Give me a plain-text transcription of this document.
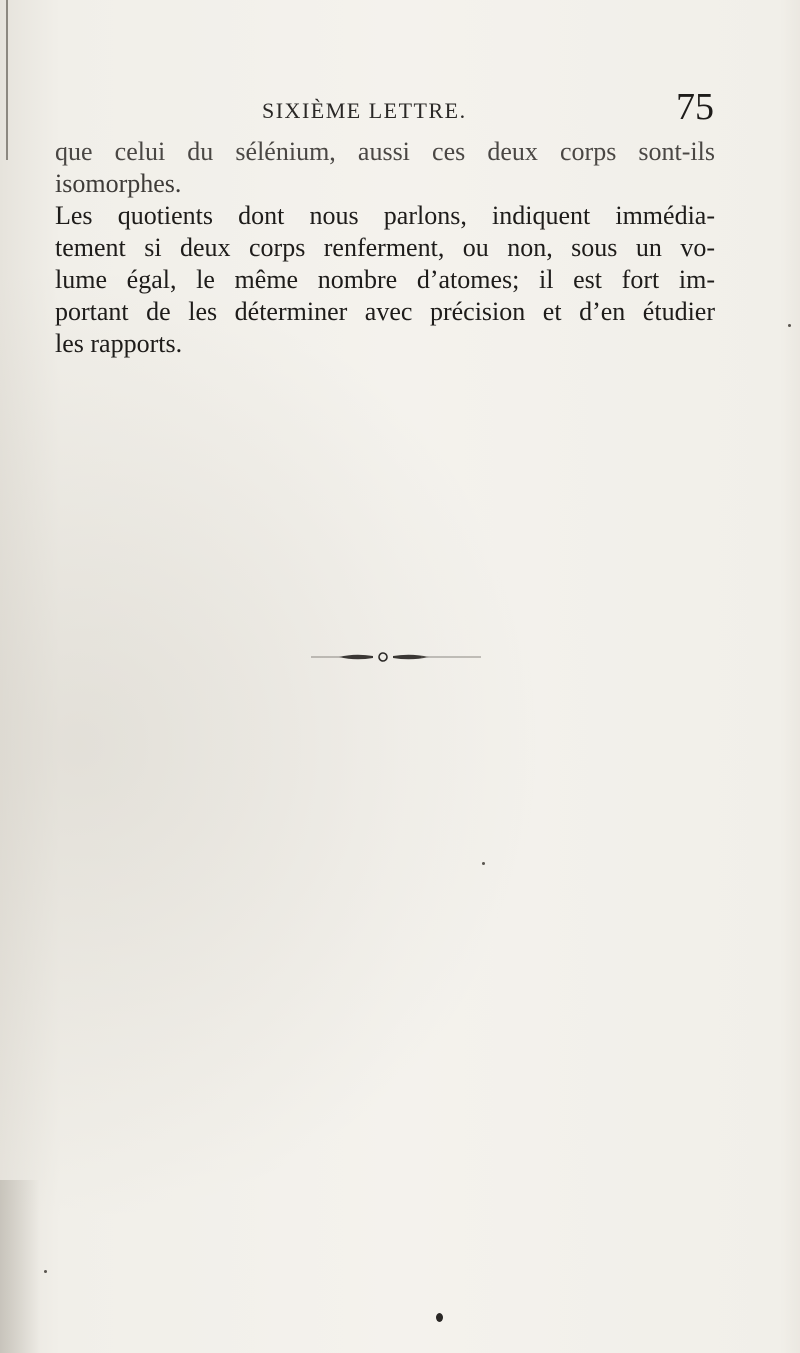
SIXIÈME LETTRE.	75
que celui du sélénium, aussi ces deux corps sont-ils
isomorphes.
Les quotients dont nous parlons, indiquent immédia-
tement si deux corps renferment, ou non, sous un vo-
lume égal, le même nombre d’atomes; il est fort im-
portant de les déterminer avec précision et d’en étudier
les rapports.
